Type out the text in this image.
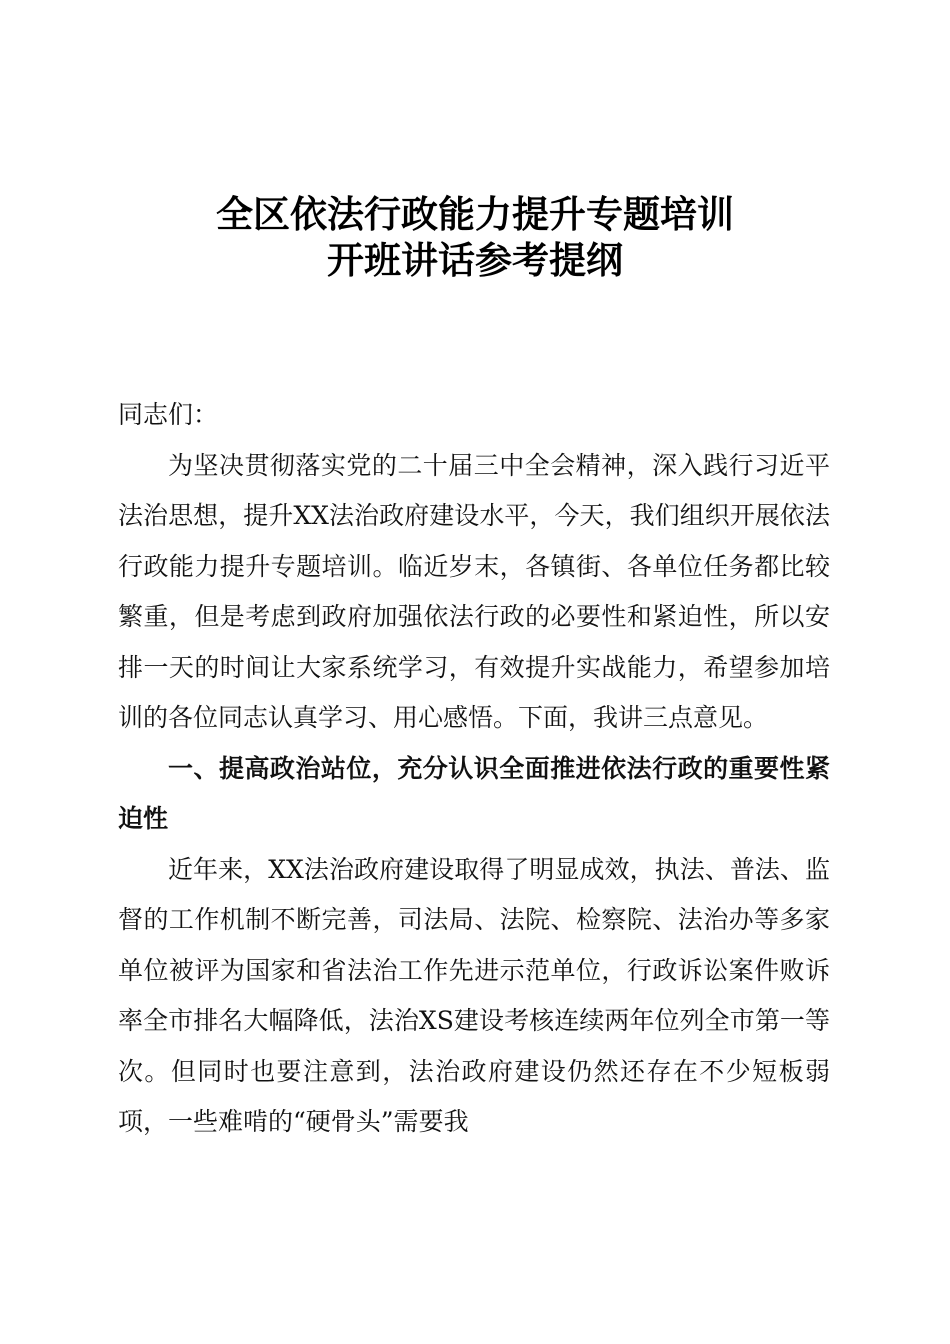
全区依法行政能力提升专题培训
开班讲话参考提纲

同志们：

为坚决贯彻落实党的二十届三中全会精神，深入践行习近平法治思想，提升XX法治政府建设水平，今天，我们组织开展依法行政能力提升专题培训。临近岁末，各镇街、各单位任务都比较繁重，但是考虑到政府加强依法行政的必要性和紧迫性，所以安排一天的时间让大家系统学习，有效提升实战能力，希望参加培训的各位同志认真学习、用心感悟。下面，我讲三点意见。

一、提高政治站位，充分认识全面推进依法行政的重要性紧迫性

近年来，XX法治政府建设取得了明显成效，执法、普法、监督的工作机制不断完善，司法局、法院、检察院、法治办等多家单位被评为国家和省法治工作先进示范单位，行政诉讼案件败诉率全市排名大幅降低，法治XS建设考核连续两年位列全市第一等次。但同时也要注意到，法治政府建设仍然还存在不少短板弱项，一些难啃的“硬骨头”需要我
